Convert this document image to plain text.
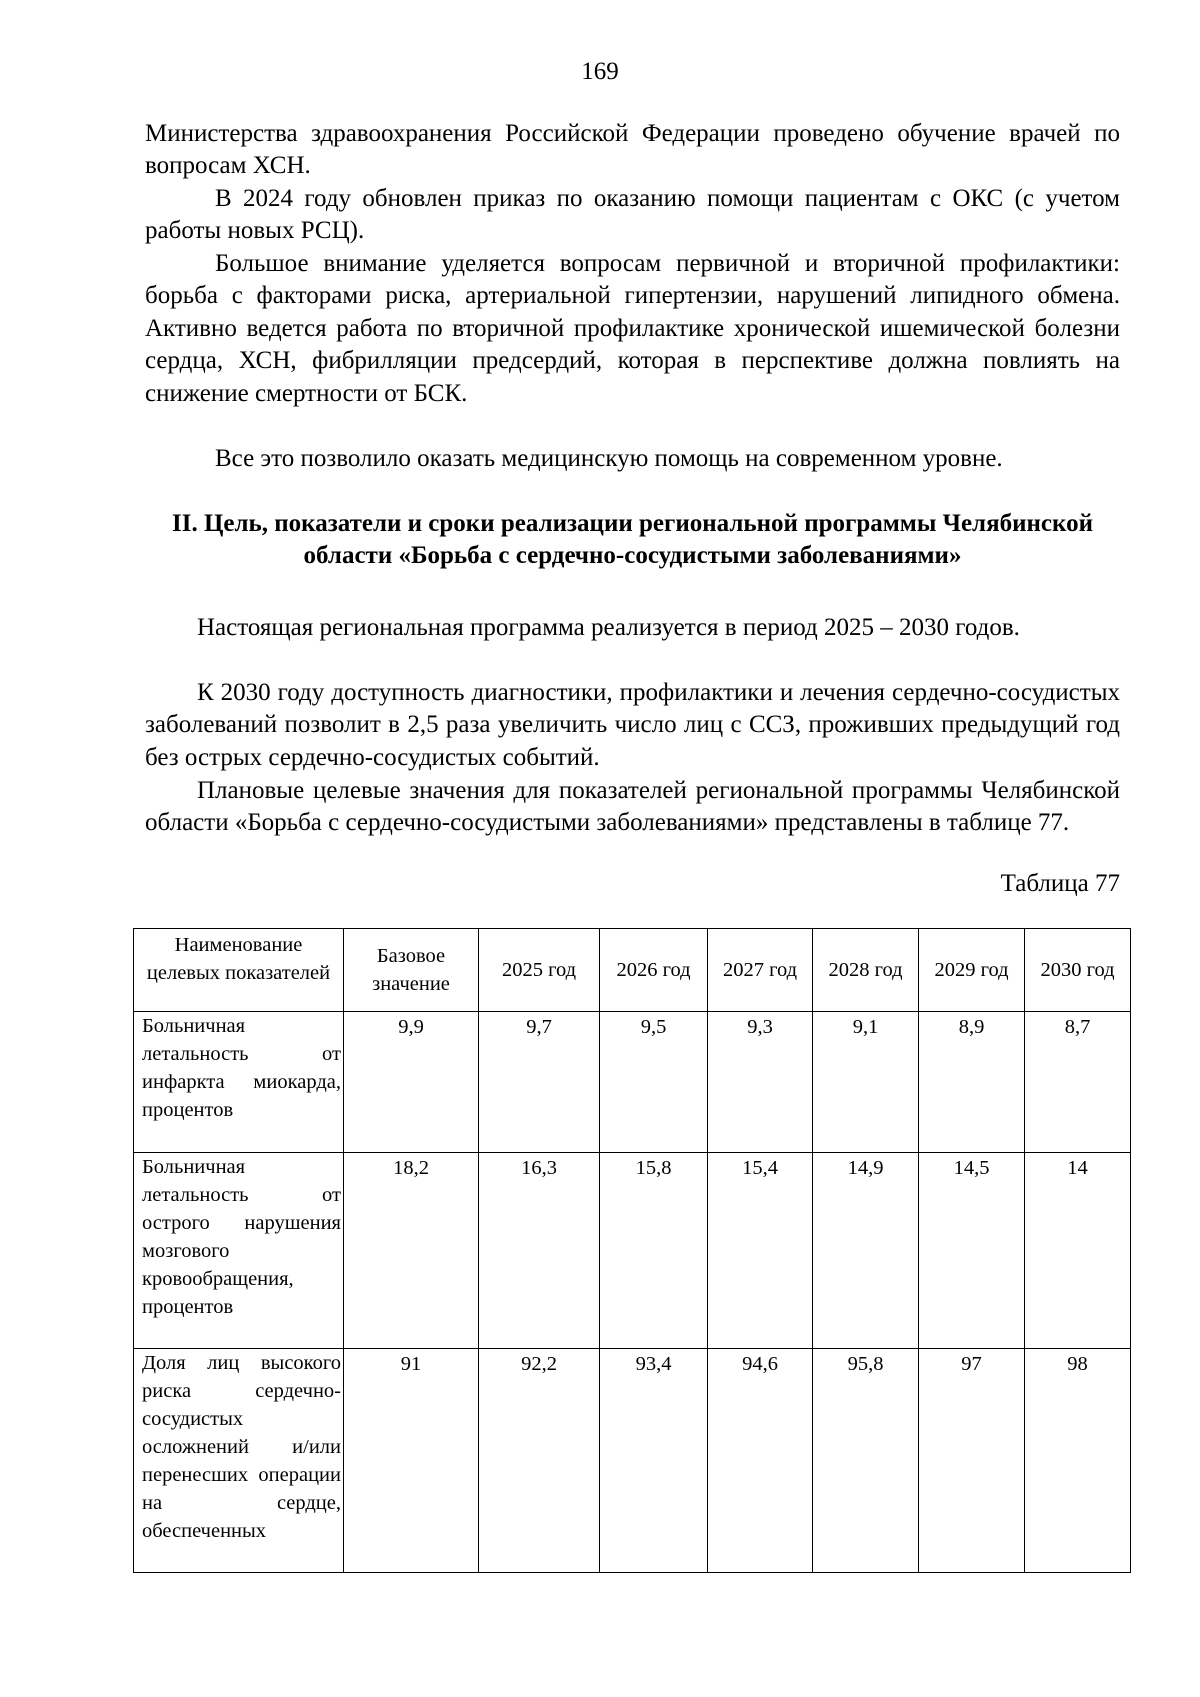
169

Министерства здравоохранения Российской Федерации проведено обучение врачей по вопросам ХСН.

В 2024 году обновлен приказ по оказанию помощи пациентам с ОКС (с учетом работы новых РСЦ).

Большое внимание уделяется вопросам первичной и вторичной профилактики: борьба с факторами риска, артериальной гипертензии, нарушений липидного обмена. Активно ведется работа по вторичной профилактике хронической ишемической болезни сердца, ХСН, фибрилляции предсердий, которая в перспективе должна повлиять на снижение смертности от БСК.

Все это позволило оказать медицинскую помощь на современном уровне.

II. Цель, показатели и сроки реализации региональной программы Челябинской области «Борьба с сердечно-сосудистыми заболеваниями»

Настоящая региональная программа реализуется в период 2025 – 2030 годов.

К 2030 году доступность диагностики, профилактики и лечения сердечно-сосудистых заболеваний позволит в 2,5 раза увеличить число лиц с ССЗ, проживших предыдущий год без острых сердечно-сосудистых событий.

Плановые целевые значения для показателей региональной программы Челябинской области «Борьба с сердечно-сосудистыми заболеваниями» представлены в таблице 77.

Таблица 77
Наименование целевых показателей	Базовое значение	2025 год	2026 год	2027 год	2028 год	2029 год	2030 год
Больничная летальность от инфаркта миокарда, процентов	9,9	9,7	9,5	9,3	9,1	8,9	8,7
Больничная летальность от острого нарушения мозгового кровообращения, процентов	18,2	16,3	15,8	15,4	14,9	14,5	14
Доля лиц высокого риска сердечно-сосудистых осложнений и/или перенесших операции на сердце, обеспеченных	91	92,2	93,4	94,6	95,8	97	98
